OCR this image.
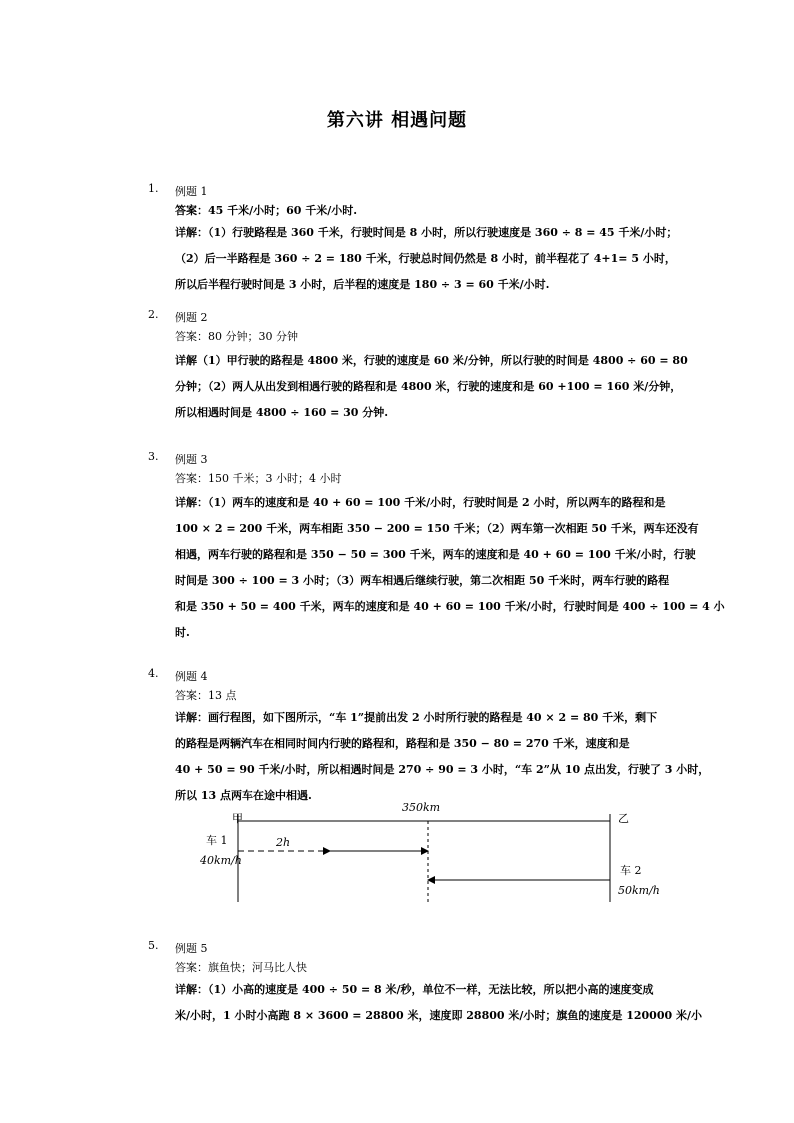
第六讲 相遇问题
1.	例题 1
答案：45 千米/小时；60 千米/小时.
详解：（1）行驶路程是 360 千米，行驶时间是 8 小时，所以行驶速度是 360 ÷ 8 = 45 千米/小时；
（2）后一半路程是 360 ÷ 2 = 180 千米，行驶总时间仍然是 8 小时，前半程花了 4+1= 5 小时，
所以后半程行驶时间是 3 小时，后半程的速度是 180 ÷ 3 = 60 千米/小时.
2.	例题 2
答案：80 分钟；30 分钟
详解（1）甲行驶的路程是 4800 米，行驶的速度是 60 米/分钟，所以行驶的时间是 4800 ÷ 60 = 80
分钟；（2）两人从出发到相遇行驶的路程和是 4800 米，行驶的速度和是 60 +100 = 160 米/分钟，
所以相遇时间是 4800 ÷ 160 = 30 分钟.
3.	例题 3
答案：150 千米；3 小时；4 小时
详解：（1）两车的速度和是 40 + 60 = 100 千米/小时，行驶时间是 2 小时，所以两车的路程和是
100 × 2 = 200 千米，两车相距 350 − 200 = 150 千米；（2）两车第一次相距 50 千米，两车还没有
相遇，两车行驶的路程和是 350 − 50 = 300 千米，两车的速度和是 40 + 60 = 100 千米/小时，行驶
时间是 300 ÷ 100 = 3 小时；（3）两车相遇后继续行驶，第二次相距 50 千米时，两车行驶的路程
和是 350 + 50 = 400 千米，两车的速度和是 40 + 60 = 100 千米/小时，行驶时间是 400 ÷ 100 = 4 小
时.
4.	例题 4
答案：13 点
详解：画行程图，如下图所示，“车 1”提前出发 2 小时所行驶的路程是 40 × 2 = 80 千米，剩下
的路程是两辆汽车在相同时间内行驶的路程和，路程和是 350 − 80 = 270 千米，速度和是
40 + 50 = 90 千米/小时，所以相遇时间是 270 ÷ 90 = 3 小时，“车 2”从 10 点出发，行驶了 3 小时，
所以 13 点两车在途中相遇.
甲	乙
350km
车 1
40km/h
2h
车 2
50km/h
5.	例题 5
答案：旗鱼快；河马比人快
详解：（1）小高的速度是 400 ÷ 50 = 8 米/秒，单位不一样，无法比较，所以把小高的速度变成
米/小时，1 小时小高跑 8 × 3600 = 28800 米，速度即 28800 米/小时；旗鱼的速度是 120000 米/小
